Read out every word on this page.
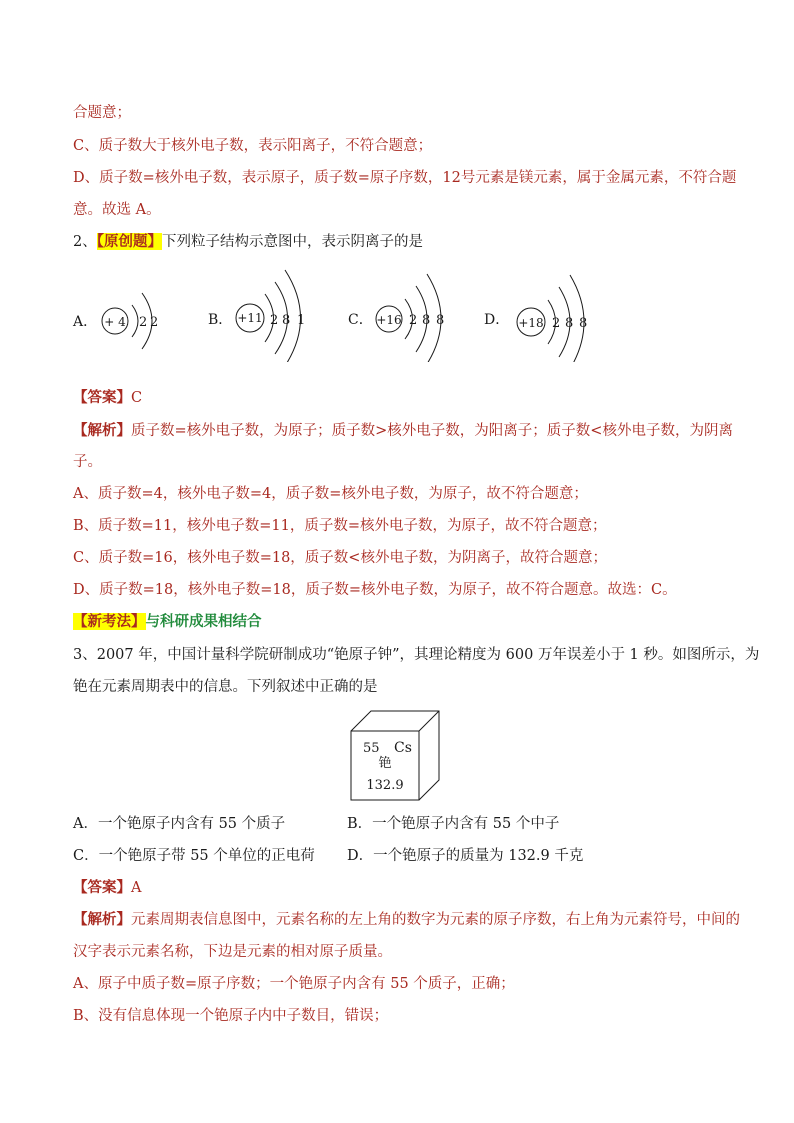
合题意；
C、质子数大于核外电子数，表示阳离子，不符合题意；
D、质子数=核外电子数，表示原子，质子数=原子序数，12号元素是镁元素，属于金属元素，不符合题
意。故选 A。
2、【原创题】下列粒子结构示意图中，表示阴离子的是
A． + 4 2 2	B． +11 2 8 1	C． +16 2 8 8	D． +18 2 8 8
【答案】C
【解析】质子数=核外电子数，为原子；质子数>核外电子数，为阳离子；质子数<核外电子数，为阴离
子。
A、质子数=4，核外电子数=4，质子数=核外电子数，为原子，故不符合题意；
B、质子数=11，核外电子数=11，质子数=核外电子数，为原子，故不符合题意；
C、质子数=16，核外电子数=18，质子数<核外电子数，为阴离子，故符合题意；
D、质子数=18，核外电子数=18，质子数=核外电子数，为原子，故不符合题意。故选：C。
【新考法】与科研成果相结合
3、2007 年，中国计量科学院研制成功“铯原子钟”，其理论精度为 600 万年误差小于 1 秒。如图所示，为
铯在元素周期表中的信息。下列叙述中正确的是
55 Cs
铯
132.9
A．一个铯原子内含有 55 个质子	B．一个铯原子内含有 55 个中子
C．一个铯原子带 55 个单位的正电荷 D．一个铯原子的质量为 132.9 千克
【答案】A
【解析】元素周期表信息图中，元素名称的左上角的数字为元素的原子序数，右上角为元素符号，中间的
汉字表示元素名称，下边是元素的相对原子质量。
A、原子中质子数=原子序数；一个铯原子内含有 55 个质子，正确；
B、没有信息体现一个铯原子内中子数目，错误；
